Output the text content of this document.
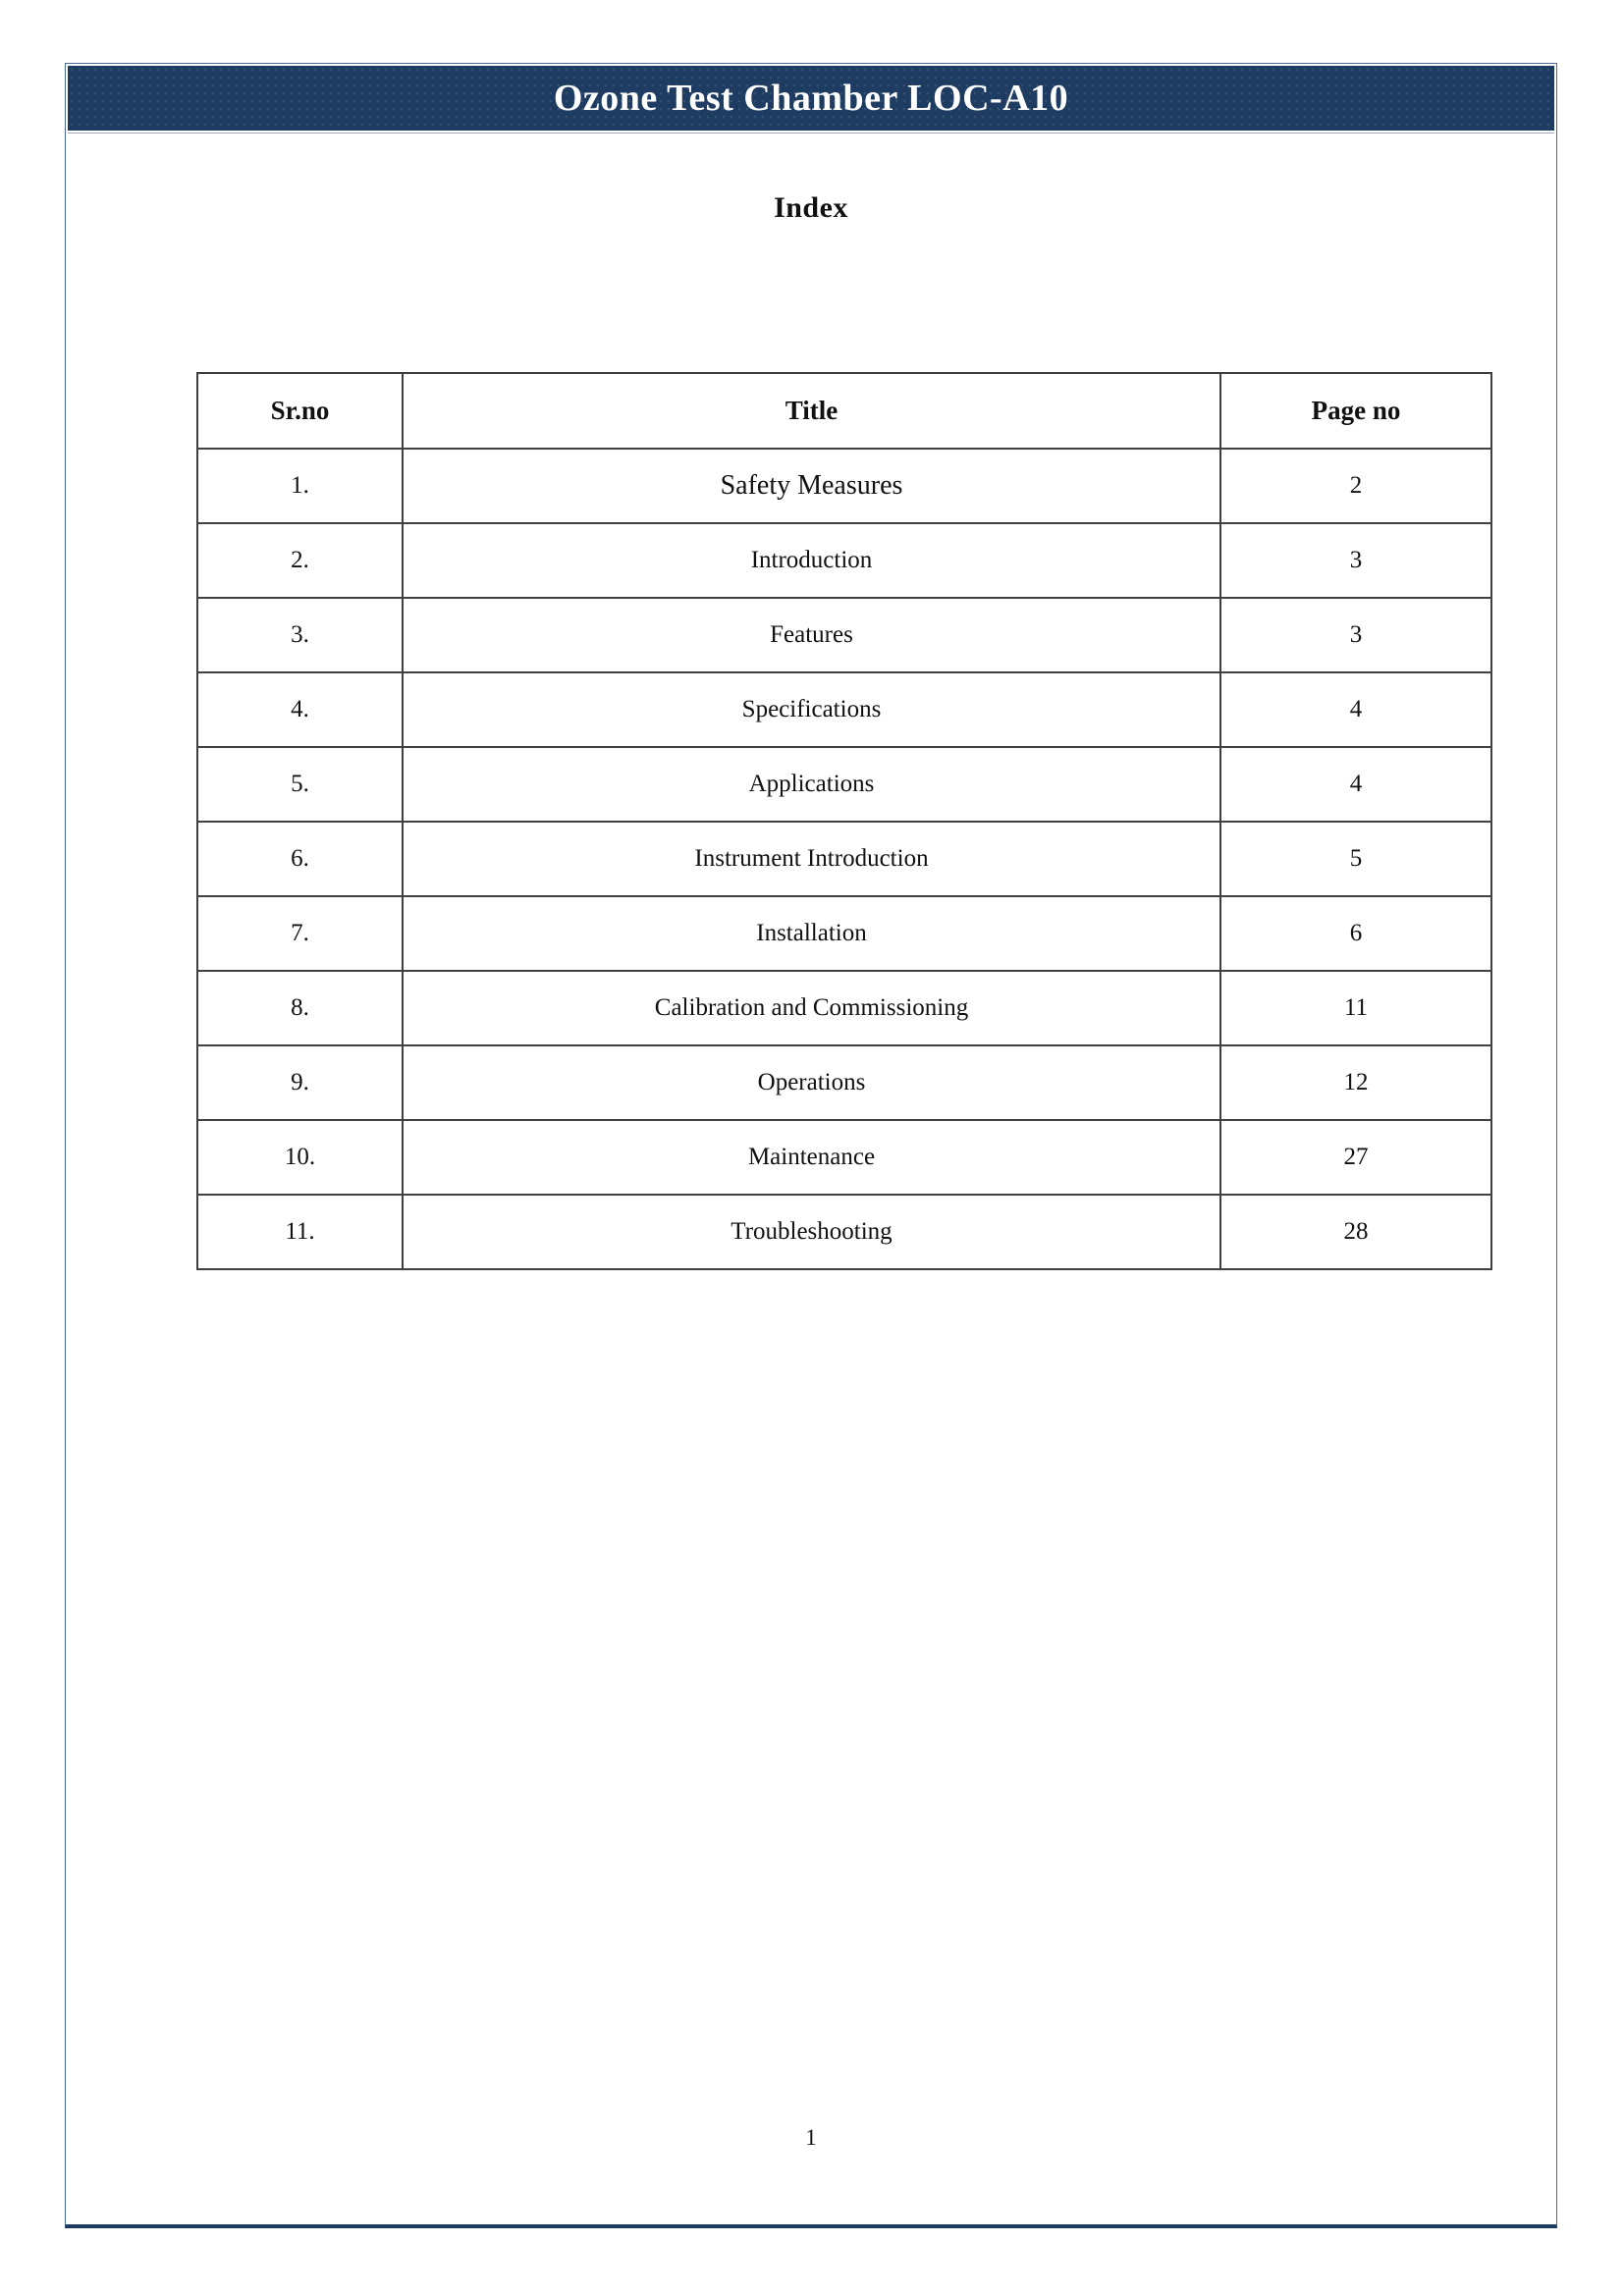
Ozone Test Chamber LOC-A10
Index
Sr.no	Title	Page no
1.	Safety Measures	2
2.	Introduction	3
3.	Features	3
4.	Specifications	4
5.	Applications	4
6.	Instrument Introduction	5
7.	Installation	6
8.	Calibration and Commissioning	11
9.	Operations	12
10.	Maintenance	27
11.	Troubleshooting	28
1
